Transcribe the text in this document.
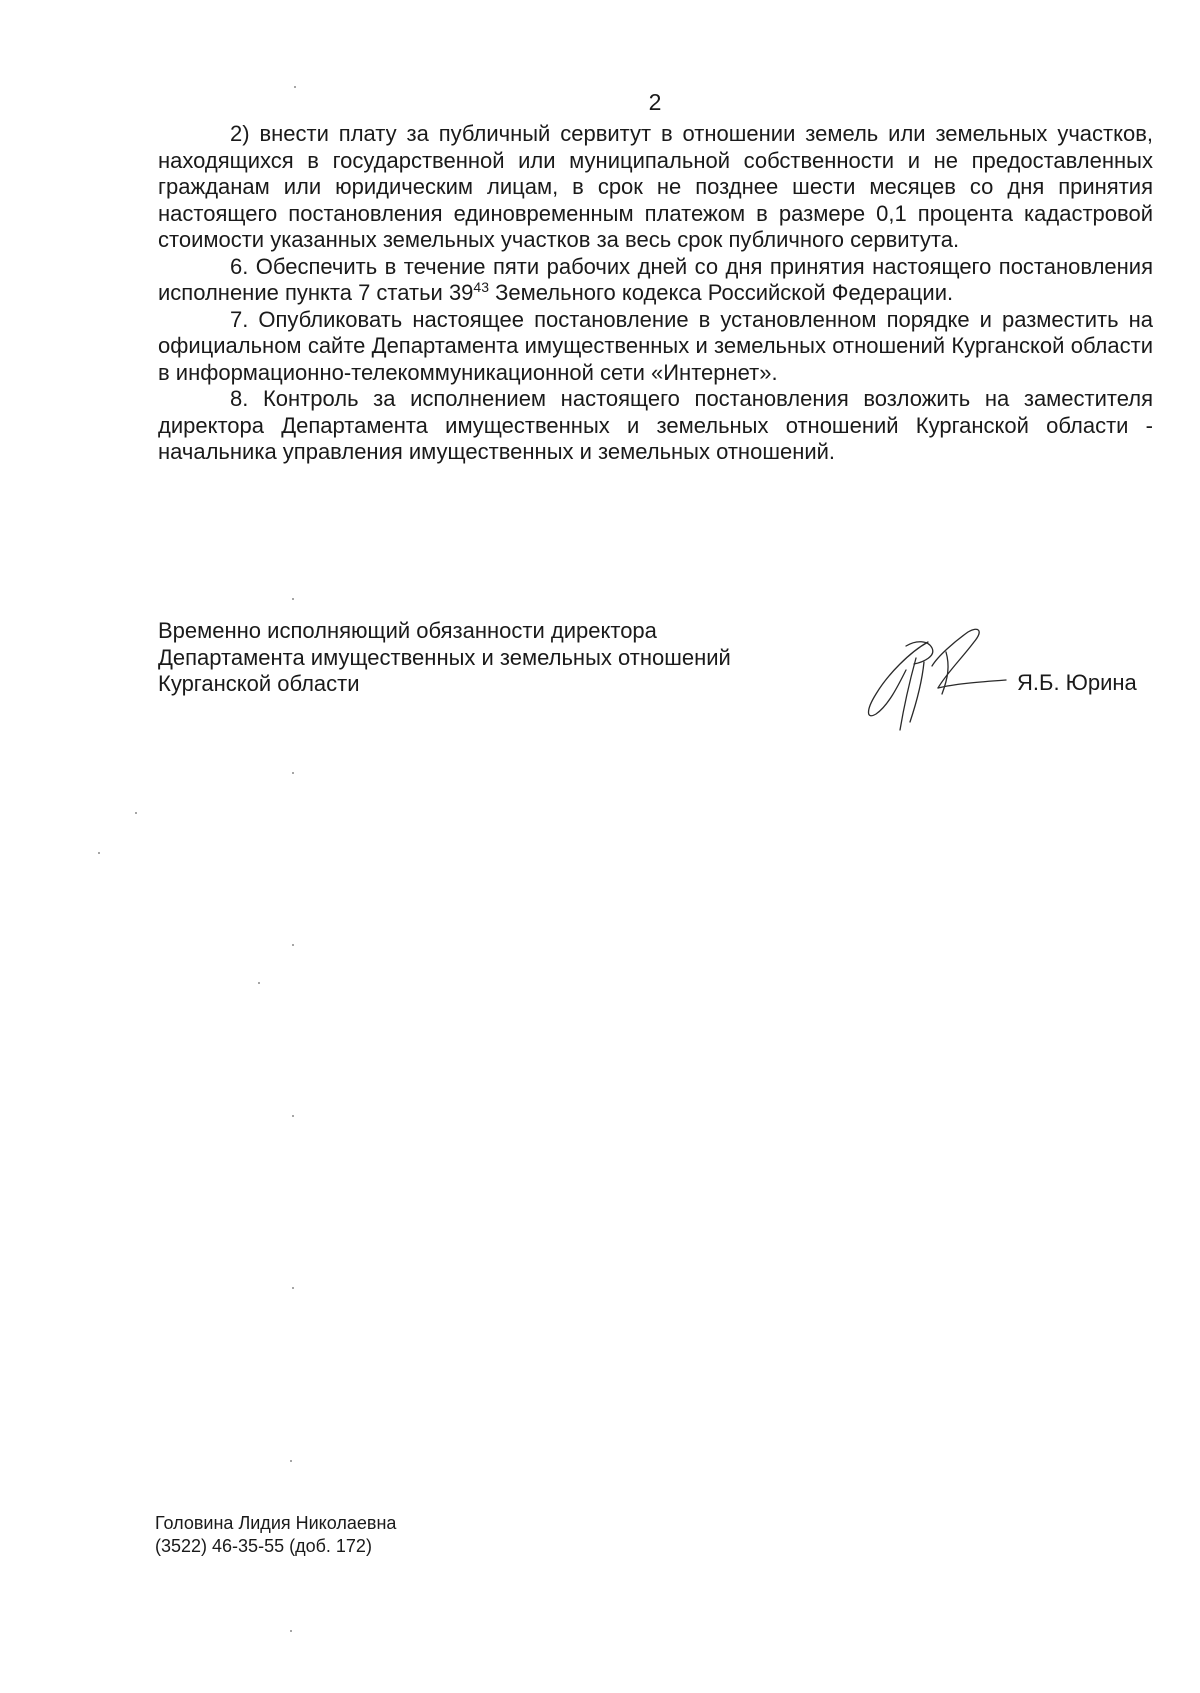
2

2) внести плату за публичный сервитут в отношении земель или земельных участков, находящихся в государственной или муниципальной собственности и не предоставленных гражданам или юридическим лицам, в срок не позднее шести месяцев со дня принятия настоящего постановления единовременным платежом в размере 0,1 процента кадастровой стоимости указанных земельных участков за весь срок публичного сервитута.

6. Обеспечить в течение пяти рабочих дней со дня принятия настоящего постановления исполнение пункта 7 статьи $39^{43}$ Земельного кодекса Российской Федерации.

7. Опубликовать настоящее постановление в установленном порядке и разместить на официальном сайте Департамента имущественных и земельных отношений Курганской области в информационно-телекоммуникационной сети «Интернет».

8. Контроль за исполнением настоящего постановления возложить на заместителя директора Департамента имущественных и земельных отношений Курганской области - начальника управления имущественных и земельных отношений.

Временно исполняющий обязанности директора
Департамента имущественных и земельных отношений
Курганской области	Я.Б. Юрина
Головина Лидия Николаевна
(3522) 46-35-55 (доб. 172)
